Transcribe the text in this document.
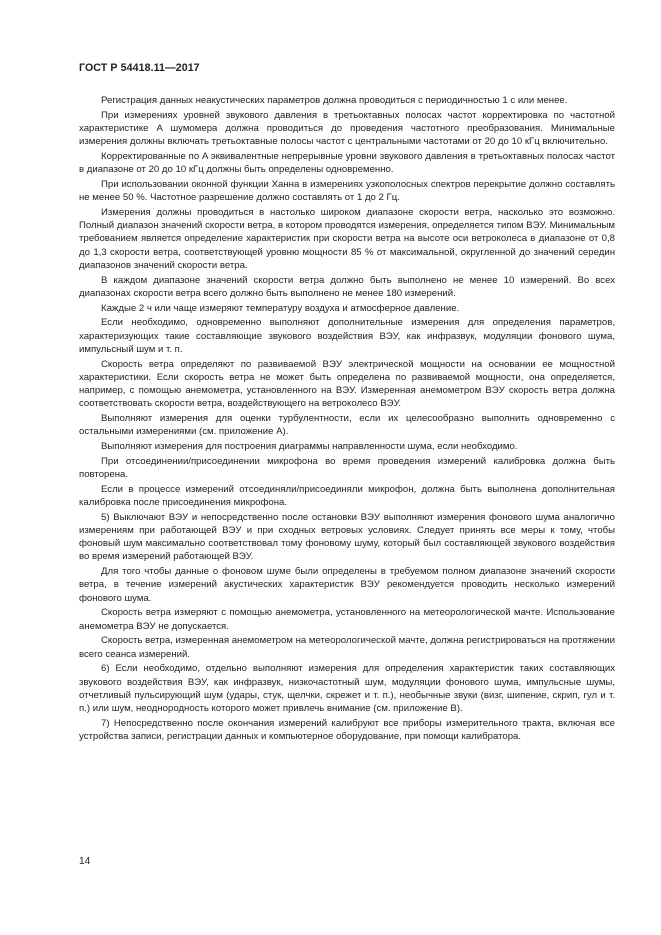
ГОСТ Р 54418.11—2017

Регистрация данных неакустических параметров должна проводиться с периодичностью 1 с или менее.

При измерениях уровней звукового давления в третьоктавных полосах частот корректировка по частотной характеристике A шумомера должна проводиться до проведения частотного преобразования. Минимальные измерения должны включать третьоктавные полосы частот с центральными частотами от 20 до 10 кГц включительно.

Корректированные по A эквивалентные непрерывные уровни звукового давления в третьоктавных полосах частот в диапазоне от 20 до 10 кГц должны быть определены одновременно.

При использовании оконной функции Ханна в измерениях узкополосных спектров перекрытие должно составлять не менее 50 %. Частотное разрешение должно составлять от 1 до 2 Гц.

Измерения должны проводиться в настолько широком диапазоне скорости ветра, насколько это возможно. Полный диапазон значений скорости ветра, в котором проводятся измерения, определяется типом ВЭУ. Минимальным требованием является определение характеристик при скорости ветра на высоте оси ветроколеса в диапазоне от 0,8 до 1,3 скорости ветра, соответствующей уровню мощности 85 % от максимальной, округленной до значений середин диапазонов значений скорости ветра.

В каждом диапазоне значений скорости ветра должно быть выполнено не менее 10 измерений. Во всех диапазонах скорости ветра всего должно быть выполнено не менее 180 измерений.

Каждые 2 ч или чаще измеряют температуру воздуха и атмосферное давление.

Если необходимо, одновременно выполняют дополнительные измерения для определения параметров, характеризующих такие составляющие звукового воздействия ВЭУ, как инфразвук, модуляции фонового шума, импульсный шум и т. п.

Скорость ветра определяют по развиваемой ВЭУ электрической мощности на основании ее мощностной характеристики. Если скорость ветра не может быть определена по развиваемой мощности, она определяется, например, с помощью анемометра, установленного на ВЭУ. Измеренная анемометром ВЭУ скорость ветра должна соответствовать скорости ветра, воздействующего на ветроколесо ВЭУ.

Выполняют измерения для оценки турбулентности, если их целесообразно выполнить одновременно с остальными измерениями (см. приложение А).

Выполняют измерения для построения диаграммы направленности шума, если необходимо.

При отсоединении/присоединении микрофона во время проведения измерений калибровка должна быть повторена.

Если в процессе измерений отсоединяли/присоединяли микрофон, должна быть выполнена дополнительная калибровка после присоединения микрофона.

5) Выключают ВЭУ и непосредственно после остановки ВЭУ выполняют измерения фонового шума аналогично измерениям при работающей ВЭУ и при сходных ветровых условиях. Следует принять все меры к тому, чтобы фоновый шум максимально соответствовал тому фоновому шуму, который был составляющей звукового воздействия во время измерений работающей ВЭУ.

Для того чтобы данные о фоновом шуме были определены в требуемом полном диапазоне значений скорости ветра, в течение измерений акустических характеристик ВЭУ рекомендуется проводить несколько измерений фонового шума.

Скорость ветра измеряют с помощью анемометра, установленного на метеорологической мачте. Использование анемометра ВЭУ не допускается.

Скорость ветра, измеренная анемометром на метеорологической мачте, должна регистрироваться на протяжении всего сеанса измерений.

6) Если необходимо, отдельно выполняют измерения для определения характеристик таких составляющих звукового воздействия ВЭУ, как инфразвук, низкочастотный шум, модуляции фонового шума, импульсные шумы, отчетливый пульсирующий шум (удары, стук, щелчки, скрежет и т. п.), необычные звуки (визг, шипение, скрип, гул и т. п.) или шум, неоднородность которого может привлечь внимание (см. приложение В).

7) Непосредственно после окончания измерений калибруют все приборы измерительного тракта, включая все устройства записи, регистрации данных и компьютерное оборудование, при помощи калибратора.

14
